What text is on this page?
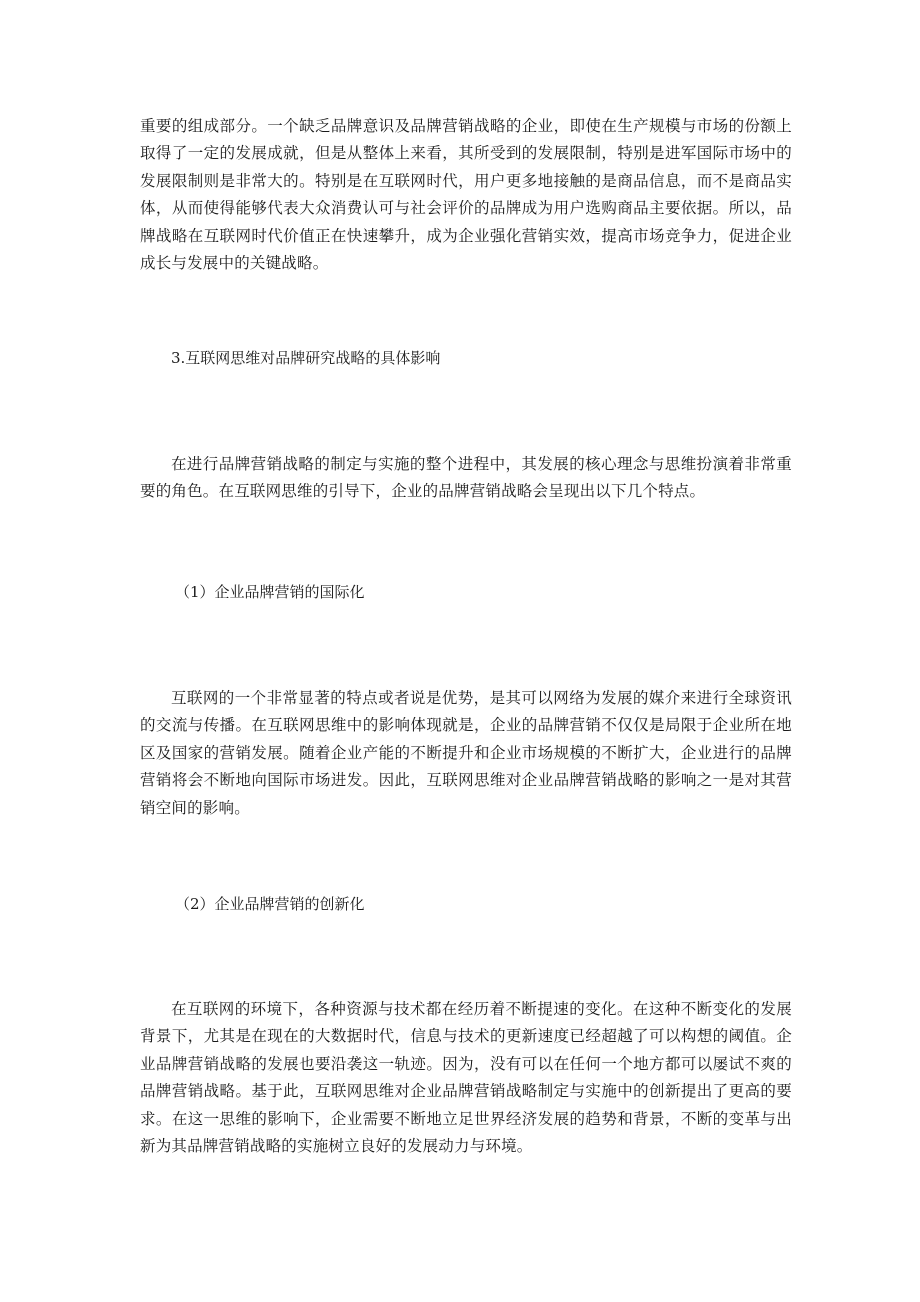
重要的组成部分。一个缺乏品牌意识及品牌营销战略的企业，即使在生产规模与市场的份额上取得了一定的发展成就，但是从整体上来看，其所受到的发展限制，特别是进军国际市场中的发展限制则是非常大的。特别是在互联网时代，用户更多地接触的是商品信息，而不是商品实体，从而使得能够代表大众消费认可与社会评价的品牌成为用户选购商品主要依据。所以，品牌战略在互联网时代价值正在快速攀升，成为企业强化营销实效，提高市场竞争力，促进企业成长与发展中的关键战略。

3.互联网思维对品牌研究战略的具体影响

在进行品牌营销战略的制定与实施的整个进程中，其发展的核心理念与思维扮演着非常重要的角色。在互联网思维的引导下，企业的品牌营销战略会呈现出以下几个特点。

（1）企业品牌营销的国际化

互联网的一个非常显著的特点或者说是优势，是其可以网络为发展的媒介来进行全球资讯的交流与传播。在互联网思维中的影响体现就是，企业的品牌营销不仅仅是局限于企业所在地区及国家的营销发展。随着企业产能的不断提升和企业市场规模的不断扩大，企业进行的品牌营销将会不断地向国际市场进发。因此，互联网思维对企业品牌营销战略的影响之一是对其营销空间的影响。

（2）企业品牌营销的创新化

在互联网的环境下，各种资源与技术都在经历着不断提速的变化。在这种不断变化的发展背景下，尤其是在现在的大数据时代，信息与技术的更新速度已经超越了可以构想的阈值。企业品牌营销战略的发展也要沿袭这一轨迹。因为，没有可以在任何一个地方都可以屡试不爽的品牌营销战略。基于此，互联网思维对企业品牌营销战略制定与实施中的创新提出了更高的要求。在这一思维的影响下，企业需要不断地立足世界经济发展的趋势和背景，不断的变革与出新为其品牌营销战略的实施树立良好的发展动力与环境。
